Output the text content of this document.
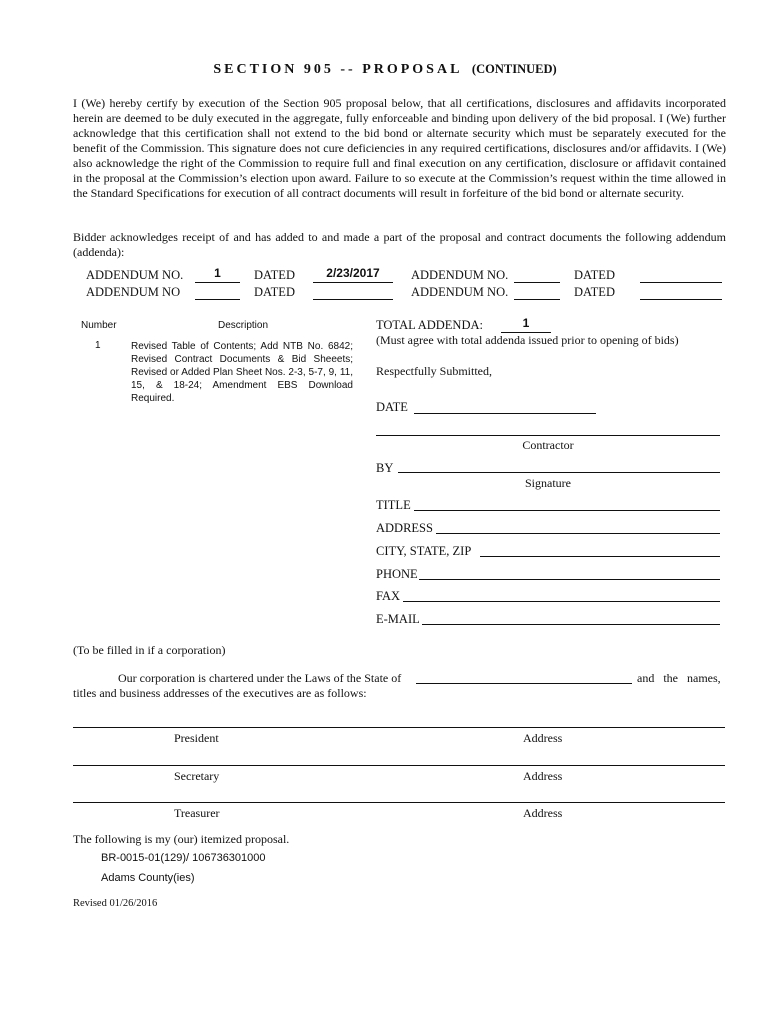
SECTION 905 -- PROPOSAL (CONTINUED)
I (We) hereby certify by execution of the Section 905 proposal below, that all certifications, disclosures and affidavits incorporated herein are deemed to be duly executed in the aggregate, fully enforceable and binding upon delivery of the bid proposal. I (We) further acknowledge that this certification shall not extend to the bid bond or alternate security which must be separately executed for the benefit of the Commission. This signature does not cure deficiencies in any required certifications, disclosures and/or affidavits. I (We) also acknowledge the right of the Commission to require full and final execution on any certification, disclosure or affidavit contained in the proposal at the Commission’s election upon award. Failure to so execute at the Commission’s request within the time allowed in the Standard Specifications for execution of all contract documents will result in forfeiture of the bid bond or alternate security.
Bidder acknowledges receipt of and has added to and made a part of the proposal and contract documents the following addendum (addenda):
ADDENDUM NO.	1	DATED	2/23/2017	ADDENDUM NO.	DATED
ADDENDUM NO	DATED	ADDENDUM NO.	DATED
Number	Description
1	Revised Table of Contents; Add NTB No. 6842; Revised Contract Documents & Bid Sheeets; Revised or Added Plan Sheet Nos. 2-3, 5-7, 9, 11, 15, & 18-24; Amendment EBS Download Required.
TOTAL ADDENDA:	1
(Must agree with total addenda issued prior to opening of bids)
Respectfully Submitted,
DATE
Contractor
BY
Signature
TITLE
ADDRESS
CITY, STATE, ZIP
PHONE
FAX
E-MAIL
(To be filled in if a corporation)
Our corporation is chartered under the Laws of the State of	and   the   names,
titles and business addresses of the executives are as follows:
President	Address
Secretary	Address
Treasurer	Address
The following is my (our) itemized proposal.
BR-0015-01(129)/ 106736301000
Adams County(ies)
Revised 01/26/2016
